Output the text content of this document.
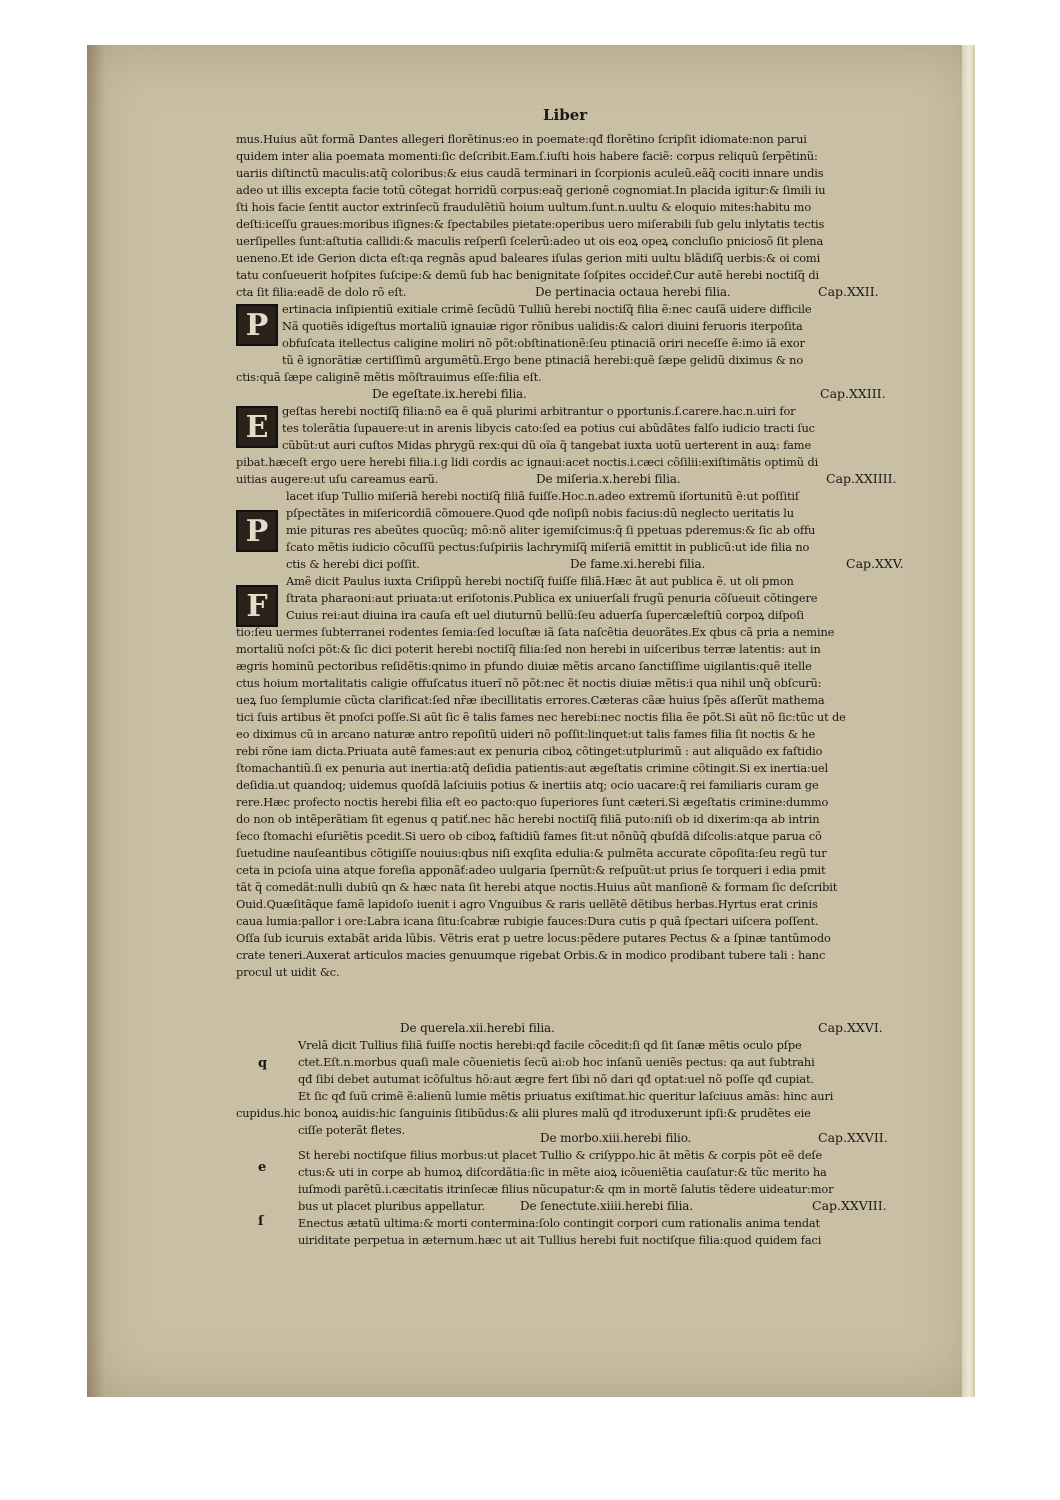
Liber
mus.Huius aũt formã Dantes allegeri florẽtinus:eo in poemate:qđ florẽtino ſcripſit idiomate:non parui
quidem inter alia poemata momenti:ſic deſcribit.Eam.ſ.iuſti hois habere faciẽ: corpus reliquũ ſerpẽtinũ:
uariis diſtinctũ maculis:atq̃ coloribus:& eius caudã terminari in ſcorpionis aculeũ.eãq̃ cociti innare undis
adeo ut illis excepta facie totũ cõtegat horridũ corpus:eaq̃ gerionẽ cognomiat.In placida igitur:& ſimili iu
ſti hois facie ſentit auctor extrinſecũ fraudulẽtiũ hoium uultum.ſunt.n.uultu & eloquio mites:habitu mo
deſti:iceſſu graues:moribus iſignes:& ſpectabiles pietate:operibus uero miſerabili ſub gelu inlytatis tectis
uerſipelles ſunt:aſtutia callidi:& maculis reſperſi ſcelerũ:adeo ut ois eoꝝ opeꝝ concluſio pniciosõ ſit plena
ueneno.Et ide Gerion dicta eſt:qa regnãs apud baleares iſulas gerion miti uultu blãdiſq̃ uerbis:& oi comi
tatu conſueuerit hoſpites ſuſcipe:& demũ ſub hac benignitate ſoſpites occideř.Cur autẽ herebi noctiſq̃ di
cta ſit filia:eadẽ de dolo rõ eſt.	De pertinacia octaua herebi filia.	Cap.XXII.
P ertinacia inſipientiũ exitiale crimẽ ſecũdũ Tulliũ herebi noctiſq̃ filia ẽ:nec cauſã uidere difficile
Nã quotiẽs idigeſtus mortaliũ ignauiæ rigor rõnibus ualidis:& calori diuini feruoris iterpoſita
obfuſcata itellectus caligine moliri nõ põt:obſtinationẽ:ſeu ptinaciã oriri neceſſe ẽ:imo iã exor
tũ ẽ ignorãtiæ certiſſimũ argumẽtũ.Ergo bene ptinaciã herebi:quẽ ſæpe gelidũ diximus & no
ctis:quã ſæpe caliginẽ mẽtis mõſtrauimus eſſe:filia eſt.
De egeſtate.ix.herebi filia.	Cap.XXIII.
E geſtas herebi noctiſq̃ filia:nõ ea ẽ quã plurimi arbitrantur o pportunis.ſ.carere.hac.n.uiri for
tes tolerãtia ſupauere:ut in arenis libycis cato:ſed ea potius cui abũdãtes falſo iudicio tracti ſuc
cũbũt:ut auri cuſtos Midas phrygũ rex:qui dũ oĩa q̃ tangebat iuxta uotũ uerterent in auꝝ: fame
pibat.hæceſt ergo uere herebi filia.i.g lidi cordis ac ignaui:acet noctis.i.cæci cõſilii:exiſtimãtis optimũ di
uitias augere:ut uſu careamus earũ.	De miſeria.x.herebi filia.	Cap.XXIIII.
P
lacet iſup Tullio miſeriã herebi noctiſq̃ filiã fuiſſe.Hoc.n.adeo extremũ iſortunitũ ẽ:ut poſſitiſ
pſpectãtes in miſericordiã cõmouere.Quod qđe noſipſi nobis facius:dũ neglecto ueritatis lu
mie pituras res abeũtes quocũq; mõ:nõ aliter igemiſcimus:q̃ ſi ppetuas pderemus:& ſic ab offu
ſcato mẽtis iudicio cõcuſſũ pectus:ſuſpiriis lachrymiſq̃ miſeriã emittit in publicũ:ut ide filia no
ctis & herebi dici poſſit.	De fame.xi.herebi filia.	Cap.XXV.
F
Amẽ dicit Paulus iuxta Criſippũ herebi noctiſq̃ fuiſſe filiã.Hæc ãt aut publica ẽ. ut oli pmon
ſtrata pharaoni:aut priuata:ut eriſotonis.Publica ex uniuerſali frugũ penuria cõſueuit cõtingere
Cuius rei:aut diuina ira cauſa eſt uel diuturnũ bellũ:ſeu aduerſa ſupercæleſtiũ corpoꝝ diſpoſi
tio:ſeu uermes ſubterranei rodentes ſemia:ſed locuſtæ iã ſata naſcẽtia deuorãtes.Ex qbus cã pria a nemine
mortaliũ noſci põt:& ſic dici poterit herebi noctiſq̃ filia:ſed non herebi in uiſceribus terræ latentis: aut in
ægris hominũ pectoribus reſidẽtis:qnimo in pfundo diuiæ mẽtis arcano ſanctiſſime uigilantis:quẽ itelle
ctus hoium mortalitatis caligie offuſcatus ituerĩ nõ põt:nec ẽt noctis diuiæ mẽtis:i qua nihil unq̃ obſcurũ:
ueꝝ ſuo ſemplumie cũcta clarificat:ſed nr̃æ ibecillitatis errores.Cæteras cãæ huius ſpẽs aſſerũt mathema
tici ſuis artibus ẽt pnoſci poſſe.Si aũt ſic ẽ talis fames nec herebi:nec noctis filia ẽe põt.Si aũt nõ ſic:tũc ut de
eo diximus cũ in arcano naturæ antro repoſitũ uideri nõ poſſit:linquet:ut talis fames filia ſit noctis & he
rebi rõne iam dicta.Priuata autẽ fames:aut ex penuria ciboꝝ cõtinget:utplurimũ : aut aliquãdo ex faſtidio
ſtomachantiũ.ſi ex penuria aut inertia:atq̃ deſidia patientis:aut ægeſtatis crimine cõtingit.Si ex inertia:uel
deſidia.ut quandoq; uidemus quoſdã laſciuiis potius & inertiis atq; ocio uacare:q̃ rei familiaris curam ge
rere.Hæc profecto noctis herebi filia eſt eo pacto:quo ſuperiores ſunt cæteri.Si ægeſtatis crimine:dummo
do non ob intẽperãtiam ſit egenus q patiť.nec hãc herebi noctiſq̃ filiã puto:niſi ob id dixerim:qa ab intrin
ſeco ſtomachi eſuriẽtis pcedit.Si uero ob ciboꝝ faſtidiũ fames ſit:ut nõnũq̃ qbuſdã diſcolis:atque parua cõ
ſuetudine nauſeantibus cõtigiſſe nouius:qbus niſi exqſita edulia:& pulmẽta accurate cõpoſita:ſeu regũ tur
ceta in pcioſa uina atque foreſia apponãť:adeo uulgaria ſpernũt:& reſpuũt:ut prius ſe torqueri i edia pmit
tãt q̃ comedãt:nulli dubiũ qn & hæc nata ſit herebi atque noctis.Huius aũt manſionẽ & formam ſic deſcribit
Ouid.Quæſitãque famẽ lapidoſo iuenit i agro Vnguibus & raris uellẽtẽ dẽtibus herbas.Hyrtus erat crinis
caua lumia:pallor i ore:Labra icana ſitu:ſcabræ rubigie fauces:Dura cutis p quã ſpectari uiſcera poſſent.
Oſſa ſub icuruis extabãt arida lũbis. Vẽtris erat p uetre locus:pẽdere putares Pectus & a ſpinæ tantũmodo
crate teneri.Auxerat articulos macies genuumque rigebat Orbis.& in modico prodibant tubere tali : hanc
procul ut uidit &c.
De querela.xii.herebi filia.	Cap.XXVI.
q
Vrelã dicit Tullius filiã fuiſſe noctis herebi:qđ facile cõcedit:ſi qd ſit ſanæ mẽtis oculo pſpe
ctet.Eſt.n.morbus quaſi male cõuenietis ſecũ ai:ob hoc inſanũ ueniẽs pectus: qa aut ſubtrahi
qđ ſibi debet autumat icõſultus hõ:aut ægre fert ſibi nõ dari qđ optat:uel nõ poſſe qđ cupiat.
Et ſic qđ ſuũ crimẽ ẽ:alienũ lumie mẽtis priuatus exiſtimat.hic queritur laſciuus amãs: hinc auri
cupidus.hic bonoꝝ auidis:hic ſanguinis ſitibũdus:& alii plures malũ qđ itroduxerunt ipſi:& prudẽtes eie
ciſſe poterãt fletes.
De morbo.xiii.herebi filio.	Cap.XXVII.
e
St herebi noctiſque filius morbus:ut placet Tullio & criſyppo.hic ãt mẽtis & corpis põt eẽ deſe
ctus:& uti in corpe ab humoꝝ diſcordãtia:ſic in mẽte aioꝝ icõueniẽtia cauſatur:& tũc merito ha
iuſmodi parẽtũ.i.cæcitatis itrinſecæ filius nũcupatur:& qm in mortẽ ſalutis tẽdere uideatur:mor
bus ut placet pluribus appellatur.	De ſenectute.xiiii.herebi filia.	Cap.XXVIII.
ſ	Enectus ætatũ ultima:& morti contermina:ſolo contingit corpori cum rationalis anima tendat
uiriditate perpetua in æternum.hæc ut ait Tullius herebi fuit noctiſque filia:quod quidem faci
